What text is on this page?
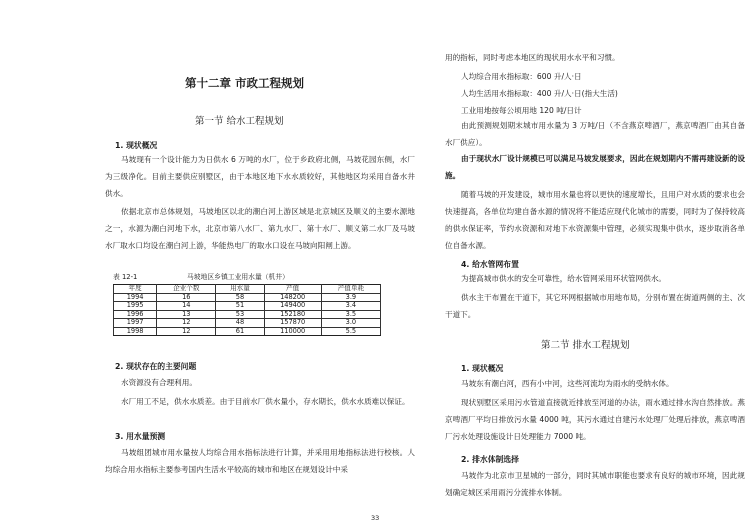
第十二章 市政工程规划
第一节 给水工程规划
1. 现状概况
马坡现有一个设计能力为日供水 6 万吨的水厂，位于乡政府北侧，马坡花园东侧，水厂为三级净化。目前主要供应别墅区，由于本地区地下水水质较好，其他地区均采用自备水井供水。
依据北京市总体规划，马坡地区以北的潮白河上游区域是北京城区及顺义的主要水源地之一，水源为潮白河地下水，北京市第八水厂、第九水厂、第十水厂、顺义第二水厂及马坡水厂取水口均设在潮白河上游，华能热电厂的取水口设在马坡向阳闸上游。
表 12-1	马坡地区乡镇工业用水量（机井）
年度	企业个数	用水量	产值	产值单耗
1994	16	58	148200	3.9
1995	14	51	149400	3.4
1996	13	53	152180	3.5
1997	12	48	157870	3.0
1998	12	61	110000	5.5
2. 现状存在的主要问题
水资源没有合理利用。
水厂用工不足，供水水质差。由于目前水厂供水量小，存水期长，供水水质难以保证。
3. 用水量预测
马坡组团城市用水量按人均综合用水指标法进行计算，并采用用地指标法进行校核。人均综合用水指标主要参考国内生活水平较高的城市和地区在规划设计中采
用的指标，同时考虑本地区的现状用水水平和习惯。
人均综合用水指标取：600 升/人·日
人均生活用水指标取：400 升/人·日(指大生活)
工业用地按每公顷用地 120 吨/日计
由此预测规划期末城市用水量为 3 万吨/日（不含燕京啤酒厂，燕京啤酒厂由其自备水厂供应）。
由于现状水厂设计规模已可以满足马坡发展要求，因此在规划期内不需再建设新的设施。
随着马坡的开发建设，城市用水量也将以更快的速度增长，且用户对水质的要求也会快速提高，各单位均建自备水源的情况将不能适应现代化城市的需要，同时为了保持较高的供水保证率，节约水资源和对地下水资源集中管理，必须实现集中供水，逐步取消各单位自备水源。
4. 给水管网布置
为提高城市供水的安全可靠性，给水管网采用环状管网供水。
供水主干布置在干道下，其它环网根据城市用地布局，分别布置在街道两侧的主、次干道下。
第二节 排水工程规划
1. 现状概况
马坡东有潮白河，西有小中河，这些河流均为雨水的受纳水体。
现状别墅区采用污水管道直接就近排放至河道的办法，雨水通过排水沟自然排放。燕京啤酒厂平均日排放污水量 4000 吨，其污水通过自建污水处理厂处理后排放，燕京啤酒厂污水处理设施设计日处理能力 7000 吨。
2. 排水体制选择
马坡作为北京市卫星城的一部分，同时其城市职能也要求有良好的城市环境，因此规划确定城区采用雨污分流排水体制。
33
